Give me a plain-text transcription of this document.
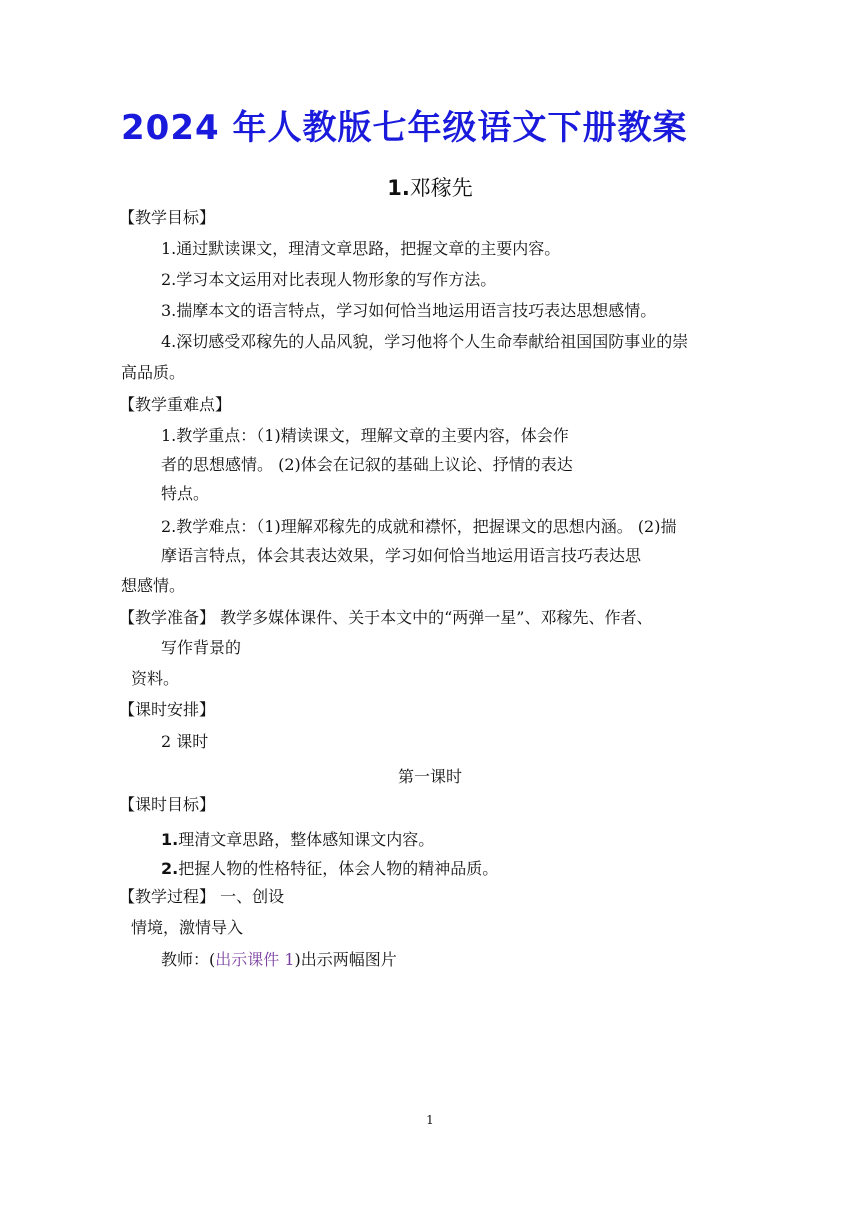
2024 年人教版七年级语文下册教案
1.邓稼先
【教学目标】
1.通过默读课文，理清文章思路，把握文章的主要内容。
2.学习本文运用对比表现人物形象的写作方法。
3.揣摩本文的语言特点，学习如何恰当地运用语言技巧表达思想感情。
4.深切感受邓稼先的人品风貌，学习他将个人生命奉献给祖国国防事业的崇
高品质。
【教学重难点】
1.教学重点：（1)精读课文，理解文章的主要内容，体会作
者的思想感情。 (2)体会在记叙的基础上议论、抒情的表达
特点。
2.教学难点：（1)理解邓稼先的成就和襟怀，把握课文的思想内涵。 (2)揣
摩语言特点，体会其表达效果，学习如何恰当地运用语言技巧表达思
想感情。
【教学准备】 教学多媒体课件、关于本文中的“两弹一星”、邓稼先、作者、
写作背景的
资料。
【课时安排】
2 课时
第一课时
【课时目标】
1.理清文章思路，整体感知课文内容。
2.把握人物的性格特征，体会人物的精神品质。
【教学过程】 一、创设
情境，激情导入
教师：(出示课件 1)出示两幅图片
1
